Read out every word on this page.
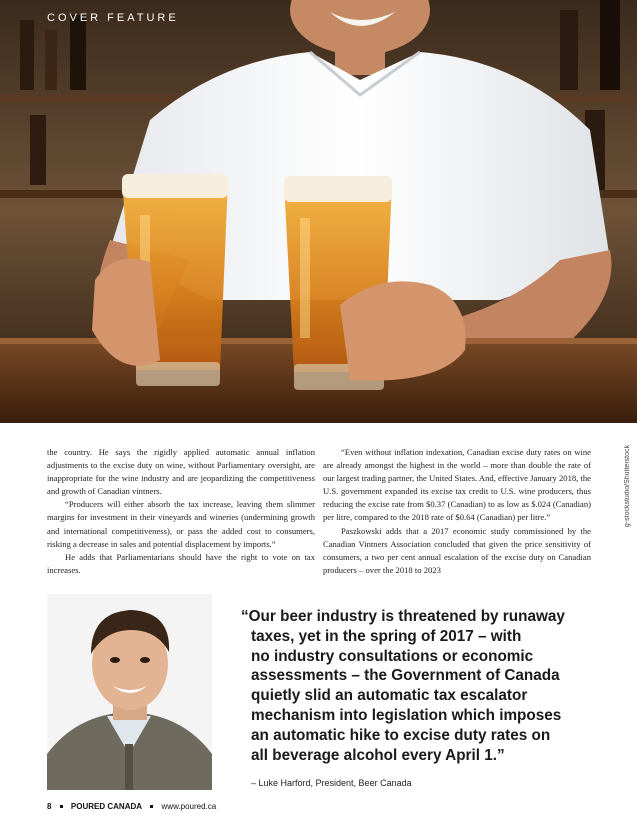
COVER FEATURE
g-stockstudio/Shutterstock

the country. He says the rigidly applied automatic annual inflation adjustments to the excise duty on wine, without Parliamentary oversight, are inappropriate for the wine industry and are jeopardizing the competitiveness and growth of Canadian vintners.

“Producers will either absorb the tax increase, leaving them slimmer margins for investment in their vineyards and wineries (undermining growth and international competitiveness), or pass the added cost to consumers, risking a decrease in sales and potential displacement by imports.”

He adds that Parliamentarians should have the right to vote on tax increases.

“Even without inflation indexation, Canadian excise duty rates on wine are already amongst the highest in the world – more than double the rate of our largest trading partner, the United States. And, effective January 2018, the U.S. government expanded its excise tax credit to U.S. wine producers, thus reducing the excise rate from $0.37 (Canadian) to as low as $.024 (Canadian) per litre, compared to the 2018 rate of $0.64 (Canadian) per litre.”

Paszkowski adds that a 2017 economic study commissioned by the Canadian Vintners Association concluded that given the price sensitivity of consumers, a two per cent annual escalation of the excise duty on Canadian producers – over the 2018 to 2023

“Our beer industry is threatened by runaway
taxes, yet in the spring of 2017 – with
no industry consultations or economic
assessments – the Government of Canada
quietly slid an automatic tax escalator
mechanism into legislation which imposes
an automatic hike to excise duty rates on
all beverage alcohol every April 1.”
– Luke Harford, President, Beer Canada
8 POURED CANADA www.poured.ca
